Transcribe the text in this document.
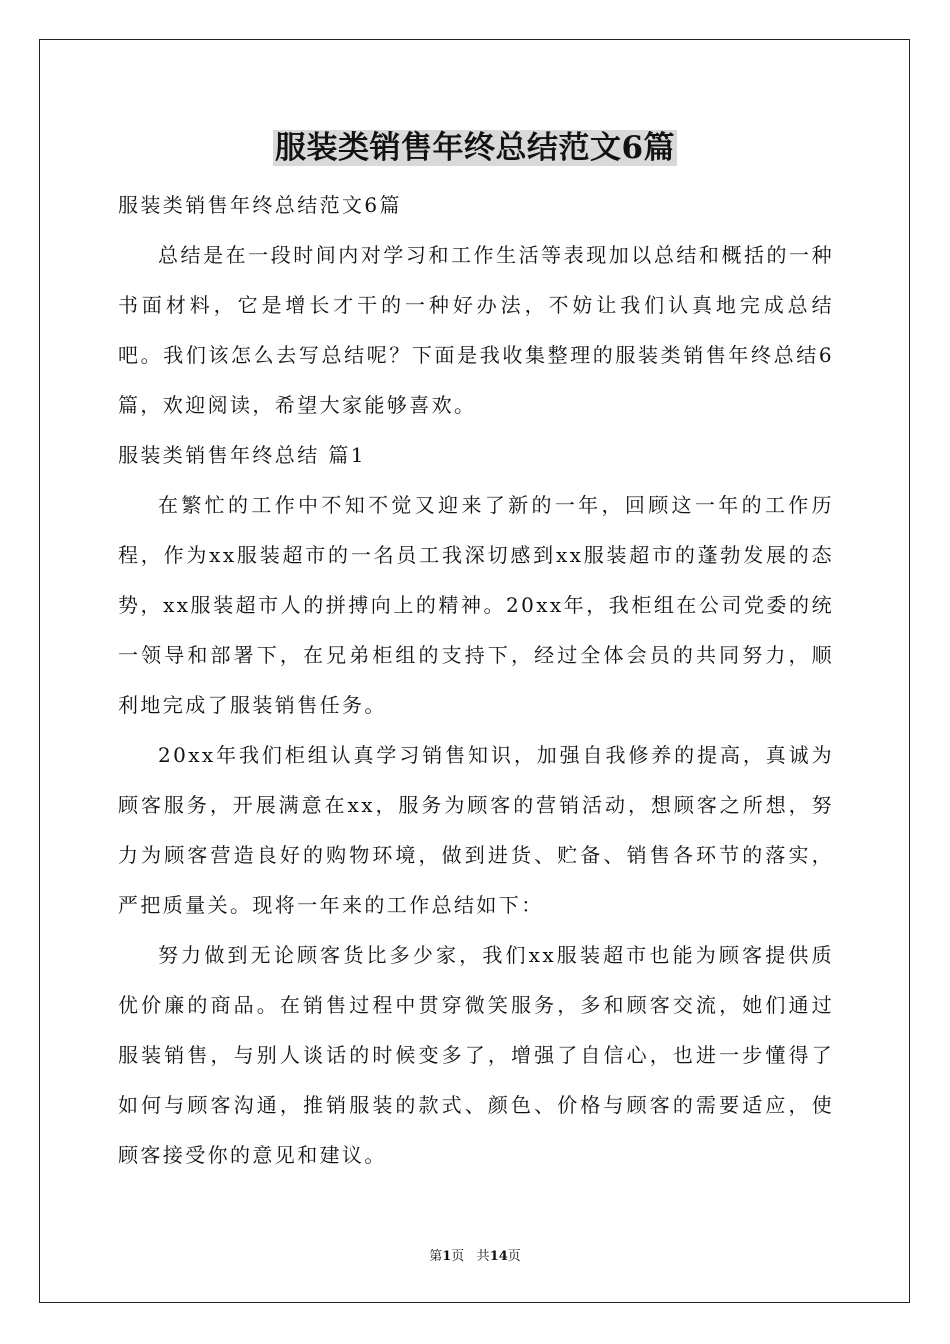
服装类销售年终总结范文6篇

服装类销售年终总结范文6篇

总结是在一段时间内对学习和工作生活等表现加以总结和概括的一种书面材料，它是增长才干的一种好办法，不妨让我们认真地完成总结吧。我们该怎么去写总结呢？下面是我收集整理的服装类销售年终总结6篇，欢迎阅读，希望大家能够喜欢。

服装类销售年终总结 篇1

在繁忙的工作中不知不觉又迎来了新的一年，回顾这一年的工作历程，作为xx服装超市的一名员工我深切感到xx服装超市的蓬勃发展的态势，xx服装超市人的拼搏向上的精神。20xx年，我柜组在公司党委的统一领导和部署下，在兄弟柜组的支持下，经过全体会员的共同努力，顺利地完成了服装销售任务。

20xx年我们柜组认真学习销售知识，加强自我修养的提高，真诚为顾客服务，开展满意在xx，服务为顾客的营销活动，想顾客之所想，努力为顾客营造良好的购物环境，做到进货、贮备、销售各环节的落实，严把质量关。现将一年来的工作总结如下：

努力做到无论顾客货比多少家，我们xx服装超市也能为顾客提供质优价廉的商品。在销售过程中贯穿微笑服务，多和顾客交流，她们通过服装销售，与别人谈话的时候变多了，增强了自信心，也进一步懂得了如何与顾客沟通，推销服装的款式、颜色、价格与顾客的需要适应，使顾客接受你的意见和建议。

第1页 共14页
